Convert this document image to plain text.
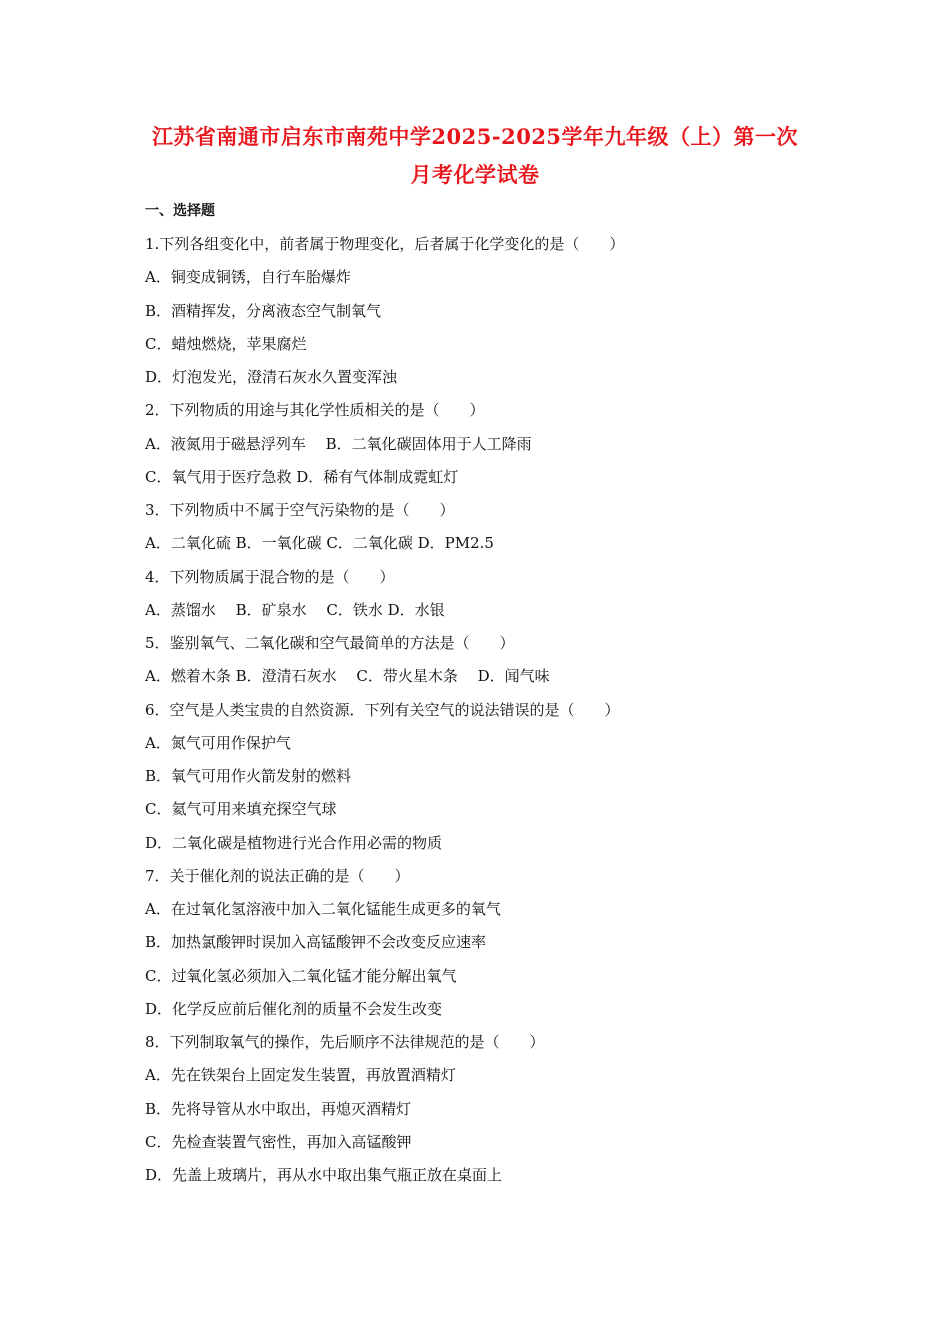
江苏省南通市启东市南苑中学2025-2025学年九年级（上）第一次
月考化学试卷
一、选择题
1.下列各组变化中，前者属于物理变化，后者属于化学变化的是（　　）
A．铜变成铜锈，自行车胎爆炸
B．酒精挥发，分离液态空气制氧气
C．蜡烛燃烧，苹果腐烂
D．灯泡发光，澄清石灰水久置变浑浊
2．下列物质的用途与其化学性质相关的是（　　）
A．液氮用于磁悬浮列车　 B．二氧化碳固体用于人工降雨
C．氧气用于医疗急救 D．稀有气体制成霓虹灯
3．下列物质中不属于空气污染物的是（　　）
A．二氧化硫 B．一氧化碳 C．二氧化碳 D．PM2.5
4．下列物质属于混合物的是（　　）
A．蒸馏水　 B．矿泉水　 C．铁水 D．水银
5．鉴别氧气、二氧化碳和空气最简单的方法是（　　）
A．燃着木条 B．澄清石灰水　 C．带火星木条　 D．闻气味
6．空气是人类宝贵的自然资源．下列有关空气的说法错误的是（　　）
A．氮气可用作保护气
B．氧气可用作火箭发射的燃料
C．氦气可用来填充探空气球
D．二氧化碳是植物进行光合作用必需的物质
7．关于催化剂的说法正确的是（　　）
A．在过氧化氢溶液中加入二氧化锰能生成更多的氧气
B．加热氯酸钾时误加入高锰酸钾不会改变反应速率
C．过氧化氢必须加入二氧化锰才能分解出氧气
D．化学反应前后催化剂的质量不会发生改变
8．下列制取氧气的操作，先后顺序不法律规范的是（　　）
A．先在铁架台上固定发生装置，再放置酒精灯
B．先将导管从水中取出，再熄灭酒精灯
C．先检查装置气密性，再加入高锰酸钾
D．先盖上玻璃片，再从水中取出集气瓶正放在桌面上
